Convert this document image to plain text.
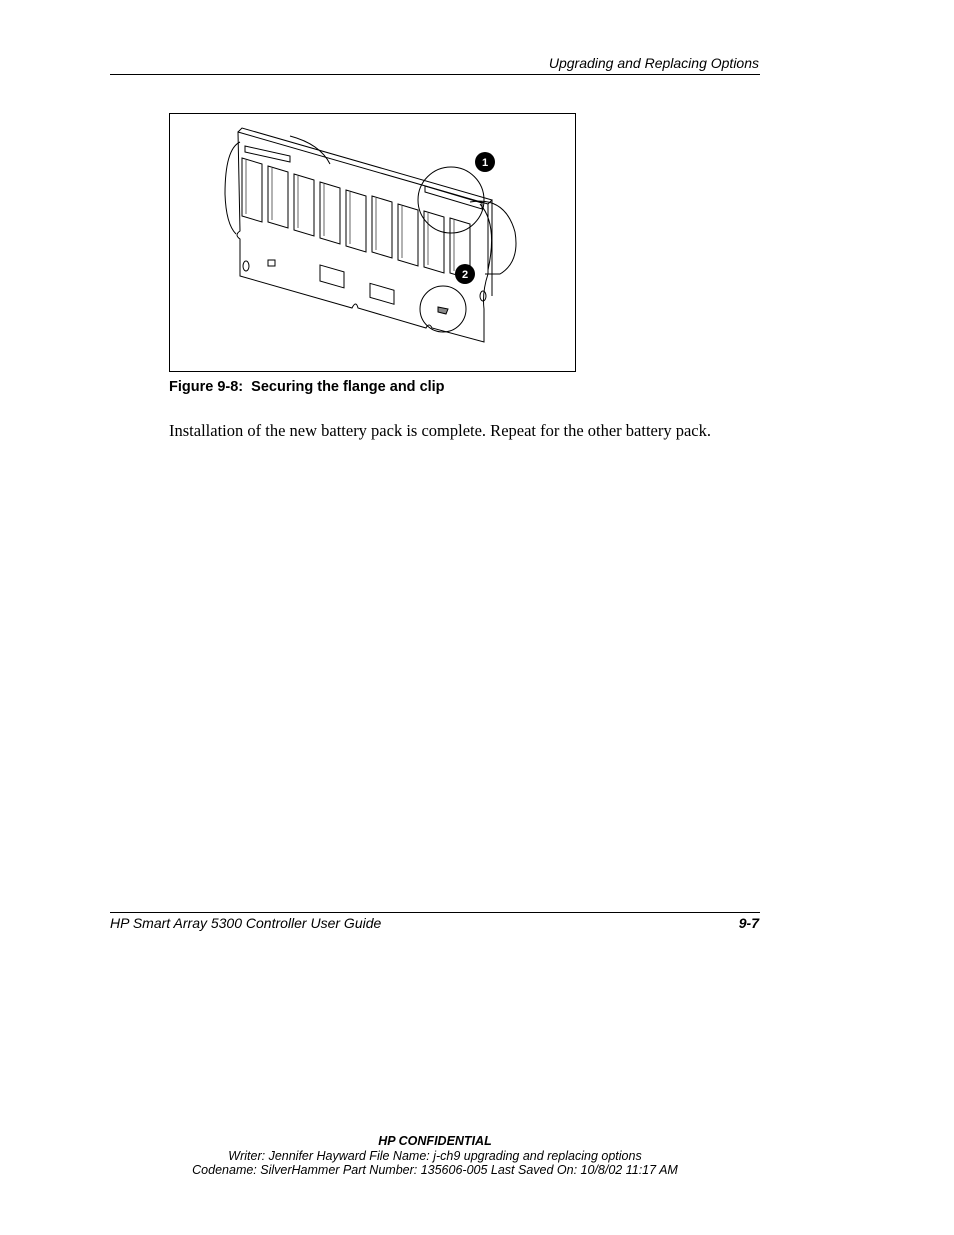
Upgrading and Replacing Options
1
2
Figure 9-8:  Securing the flange and clip
Installation of the new battery pack is complete. Repeat for the other battery pack.
HP Smart Array 5300 Controller User Guide	9-7
HP CONFIDENTIAL
Writer: Jennifer Hayward File Name: j-ch9 upgrading and replacing options
Codename: SilverHammer Part Number: 135606-005 Last Saved On: 10/8/02 11:17 AM
